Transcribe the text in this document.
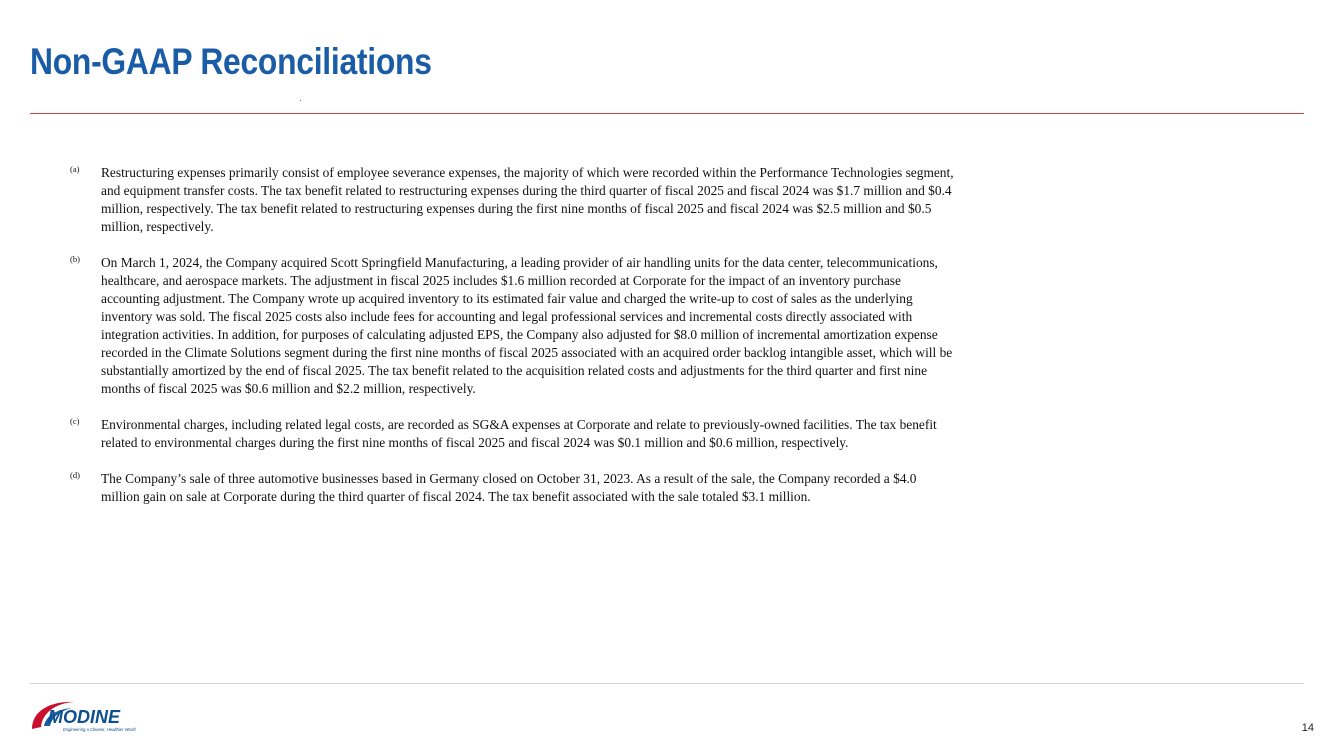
Non-GAAP Reconciliations
(a)	Restructuring expenses primarily consist of employee severance expenses, the majority of which were recorded within the Performance Technologies segment, and equipment transfer costs. The tax benefit related to restructuring expenses during the third quarter of fiscal 2025 and fiscal 2024 was $1.7 million and $0.4 million, respectively. The tax benefit related to restructuring expenses during the first nine months of fiscal 2025 and fiscal 2024 was $2.5 million and $0.5 million, respectively.

(b)	On March 1, 2024, the Company acquired Scott Springfield Manufacturing, a leading provider of air handling units for the data center, telecommunications, healthcare, and aerospace markets. The adjustment in fiscal 2025 includes $1.6 million recorded at Corporate for the impact of an inventory purchase accounting adjustment. The Company wrote up acquired inventory to its estimated fair value and charged the write-up to cost of sales as the underlying inventory was sold. The fiscal 2025 costs also include fees for accounting and legal professional services and incremental costs directly associated with integration activities. In addition, for purposes of calculating adjusted EPS, the Company also adjusted for $8.0 million of incremental amortization expense recorded in the Climate Solutions segment during the first nine months of fiscal 2025 associated with an acquired order backlog intangible asset, which will be substantially amortized by the end of fiscal 2025. The tax benefit related to the acquisition related costs and adjustments for the third quarter and first nine months of fiscal 2025 was $0.6 million and $2.2 million, respectively.

(c)	Environmental charges, including related legal costs, are recorded as SG&A expenses at Corporate and relate to previously-owned facilities. The tax benefit related to environmental charges during the first nine months of fiscal 2025 and fiscal 2024 was $0.1 million and $0.6 million, respectively.

(d)	The Company’s sale of three automotive businesses based in Germany closed on October 31, 2023. As a result of the sale, the Company recorded a $4.0 million gain on sale at Corporate during the third quarter of fiscal 2024. The tax benefit associated with the sale totaled $3.1 million.

MODINE
Engineering a Cleaner, Healthier World	14
